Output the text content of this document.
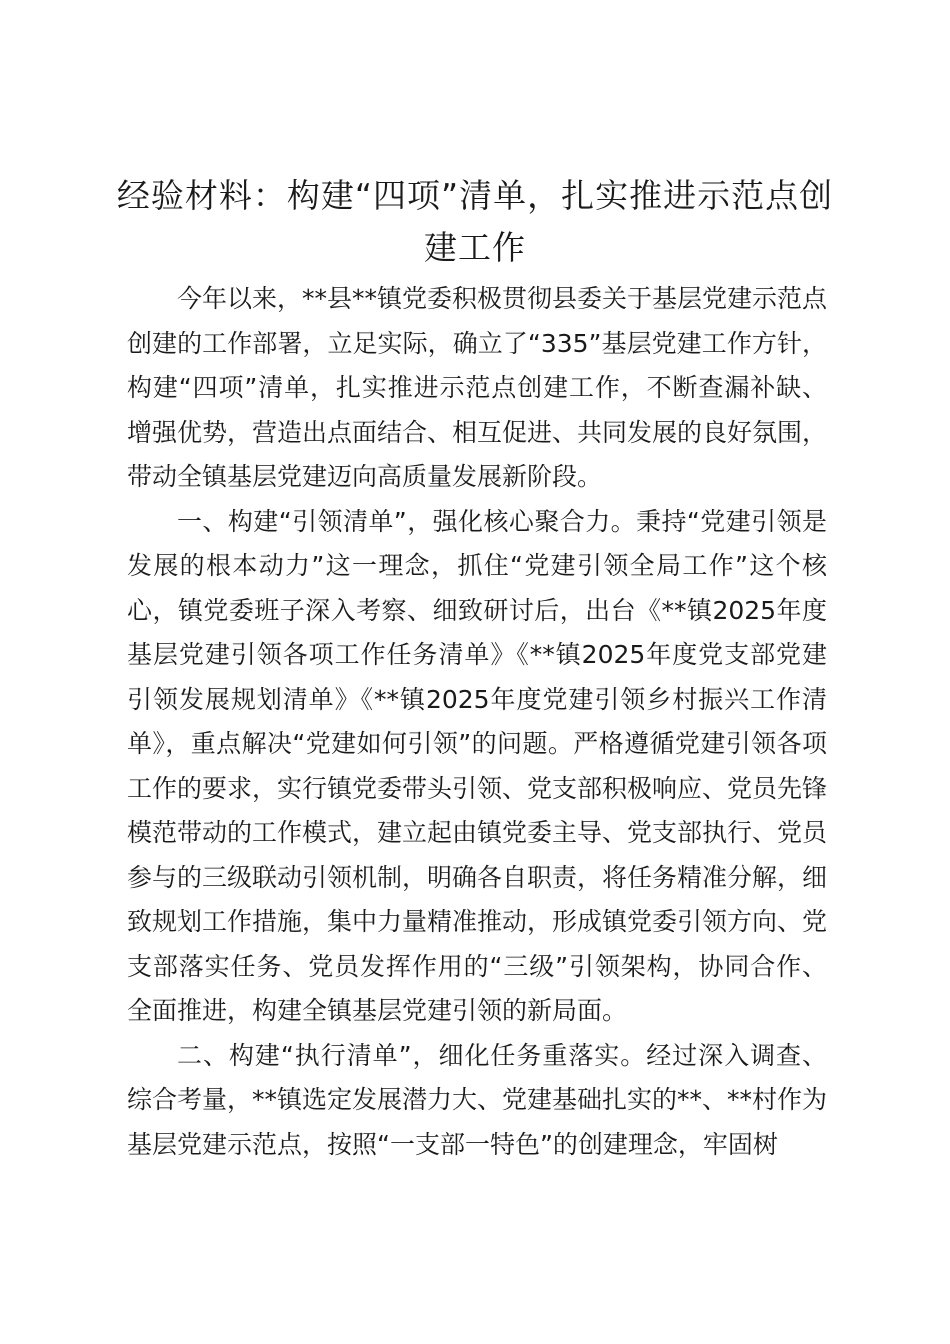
经验材料：构建“四项”清单，扎实推进示范点创建工作

今年以来，**县**镇党委积极贯彻县委关于基层党建示范点创建的工作部署，立足实际，确立了“335”基层党建工作方针，构建“四项”清单，扎实推进示范点创建工作，不断查漏补缺、增强优势，营造出点面结合、相互促进、共同发展的良好氛围，带动全镇基层党建迈向高质量发展新阶段。

一、构建“引领清单”，强化核心聚合力。秉持“党建引领是发展的根本动力”这一理念，抓住“党建引领全局工作”这个核心，镇党委班子深入考察、细致研讨后，出台《**镇2025年度基层党建引领各项工作任务清单》《**镇2025年度党支部党建引领发展规划清单》《**镇2025年度党建引领乡村振兴工作清单》，重点解决“党建如何引领”的问题。严格遵循党建引领各项工作的要求，实行镇党委带头引领、党支部积极响应、党员先锋模范带动的工作模式，建立起由镇党委主导、党支部执行、党员参与的三级联动引领机制，明确各自职责，将任务精准分解，细致规划工作措施，集中力量精准推动，形成镇党委引领方向、党支部落实任务、党员发挥作用的“三级”引领架构，协同合作、全面推进，构建全镇基层党建引领的新局面。

二、构建“执行清单”，细化任务重落实。经过深入调查、综合考量，**镇选定发展潜力大、党建基础扎实的**、**村作为基层党建示范点，按照“一支部一特色”的创建理念，牢固树
